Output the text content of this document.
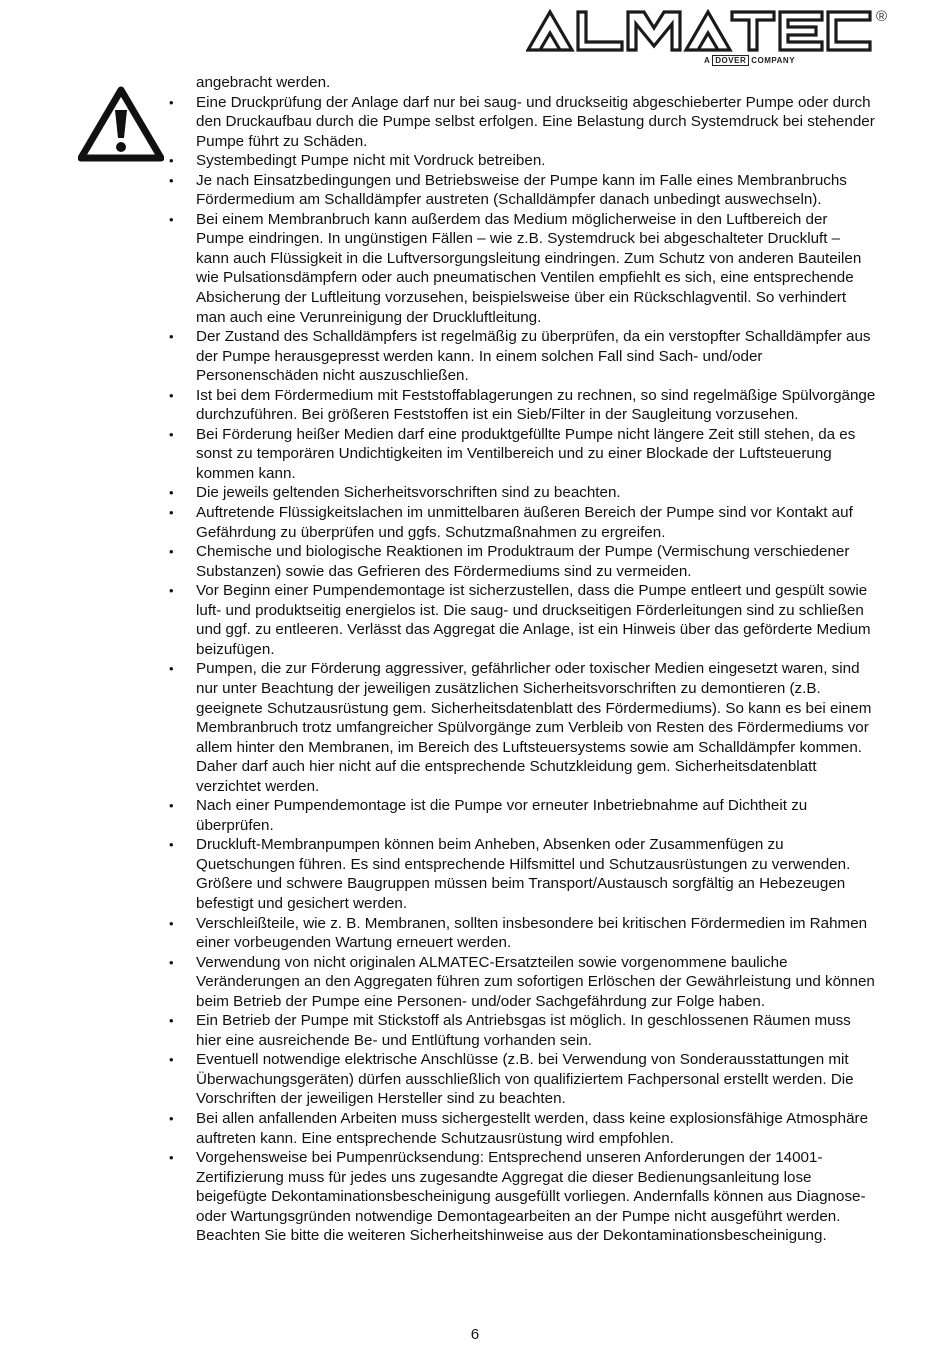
®
A DOVER COMPANY

angebracht werden.

• Eine Druckprüfung der Anlage darf nur bei saug- und druckseitig abgeschieberter Pumpe oder durch den Druckaufbau durch die Pumpe selbst erfolgen. Eine Belastung durch Systemdruck bei stehender Pumpe führt zu Schäden.
• Systembedingt Pumpe nicht mit Vordruck betreiben.
• Je nach Einsatzbedingungen und Betriebsweise der Pumpe kann im Falle eines Membranbruchs Fördermedium am Schalldämpfer austreten (Schalldämpfer danach unbedingt auswechseln).
• Bei einem Membranbruch kann außerdem das Medium möglicherweise in den Luftbereich der Pumpe eindringen. In ungünstigen Fällen – wie z.B. Systemdruck bei abgeschalteter Druckluft – kann auch Flüssigkeit in die Luftversorgungsleitung eindringen. Zum Schutz von anderen Bauteilen wie Pulsationsdämpfern oder auch pneumatischen Ventilen empfiehlt es sich, eine entsprechende Absicherung der Luftleitung vorzusehen, beispielsweise über ein Rückschlagventil. So verhindert man auch eine Verunreinigung der Druckluftleitung.
• Der Zustand des Schalldämpfers ist regelmäßig zu überprüfen, da ein verstopfter Schalldämpfer aus der Pumpe herausgepresst werden kann. In einem solchen Fall sind Sach- und/oder Personenschäden nicht auszuschließen.
• Ist bei dem Fördermedium mit Feststoffablagerungen zu rechnen, so sind regelmäßige Spülvorgänge durchzuführen. Bei größeren Feststoffen ist ein Sieb/Filter in der Saugleitung vorzusehen.
• Bei Förderung heißer Medien darf eine produktgefüllte Pumpe nicht längere Zeit still stehen, da es sonst zu temporären Undichtigkeiten im Ventilbereich und zu einer Blockade der Luftsteuerung kommen kann.
• Die jeweils geltenden Sicherheitsvorschriften sind zu beachten.
• Auftretende Flüssigkeitslachen im unmittelbaren äußeren Bereich der Pumpe sind vor Kontakt auf Gefährdung zu überprüfen und ggfs. Schutzmaßnahmen zu ergreifen.
• Chemische und biologische Reaktionen im Produktraum der Pumpe (Vermischung verschiedener Substanzen) sowie das Gefrieren des Fördermediums sind zu vermeiden.
• Vor Beginn einer Pumpendemontage ist sicherzustellen, dass die Pumpe entleert und gespült sowie luft- und produktseitig energielos ist. Die saug- und druckseitigen Förderleitungen sind zu schließen und ggf. zu entleeren. Verlässt das Aggregat die Anlage, ist ein Hinweis über das geförderte Medium beizufügen.
• Pumpen, die zur Förderung aggressiver, gefährlicher oder toxischer Medien eingesetzt waren, sind nur unter Beachtung der jeweiligen zusätzlichen Sicherheitsvorschriften zu demontieren (z.B. geeignete Schutzausrüstung gem. Sicherheitsdatenblatt des Fördermediums). So kann es bei einem Membranbruch trotz umfangreicher Spülvorgänge zum Verbleib von Resten des Fördermediums vor allem hinter den Membranen, im Bereich des Luftsteuersystems sowie am Schalldämpfer kommen. Daher darf auch hier nicht auf die entsprechende Schutzkleidung gem. Sicherheitsdatenblatt verzichtet werden.
• Nach einer Pumpendemontage ist die Pumpe vor erneuter Inbetriebnahme auf Dichtheit zu überprüfen.
• Druckluft-Membranpumpen können beim Anheben, Absenken oder Zusammenfügen zu Quetschungen führen. Es sind entsprechende Hilfsmittel und Schutzausrüstungen zu verwenden. Größere und schwere Baugruppen müssen beim Transport/Austausch sorgfältig an Hebezeugen befestigt und gesichert werden.
• Verschleißteile, wie z. B. Membranen, sollten insbesondere bei kritischen Fördermedien im Rahmen einer vorbeugenden Wartung erneuert werden.
• Verwendung von nicht originalen ALMATEC-Ersatzteilen sowie vorgenommene bauliche Veränderungen an den Aggregaten führen zum sofortigen Erlöschen der Gewährleistung und können beim Betrieb der Pumpe eine Personen- und/oder Sachgefährdung zur Folge haben.
• Ein Betrieb der Pumpe mit Stickstoff als Antriebsgas ist möglich. In geschlossenen Räumen muss hier eine ausreichende Be- und Entlüftung vorhanden sein.
• Eventuell notwendige elektrische Anschlüsse (z.B. bei Verwendung von Sonderausstattungen mit Überwachungsgeräten) dürfen ausschließlich von qualifiziertem Fachpersonal erstellt werden. Die Vorschriften der jeweiligen Hersteller sind zu beachten.
• Bei allen anfallenden Arbeiten muss sichergestellt werden, dass keine explosionsfähige Atmosphäre auftreten kann. Eine entsprechende Schutzausrüstung wird empfohlen.
• Vorgehensweise bei Pumpenrücksendung: Entsprechend unseren Anforderungen der 14001-Zertifizierung muss für jedes uns zugesandte Aggregat die dieser Bedienungsanleitung lose beigefügte Dekontaminationsbescheinigung ausgefüllt vorliegen. Andernfalls können aus Diagnose- oder Wartungsgründen notwendige Demontagearbeiten an der Pumpe nicht ausgeführt werden. Beachten Sie bitte die weiteren Sicherheitshinweise aus der Dekontaminationsbescheinigung.
6
